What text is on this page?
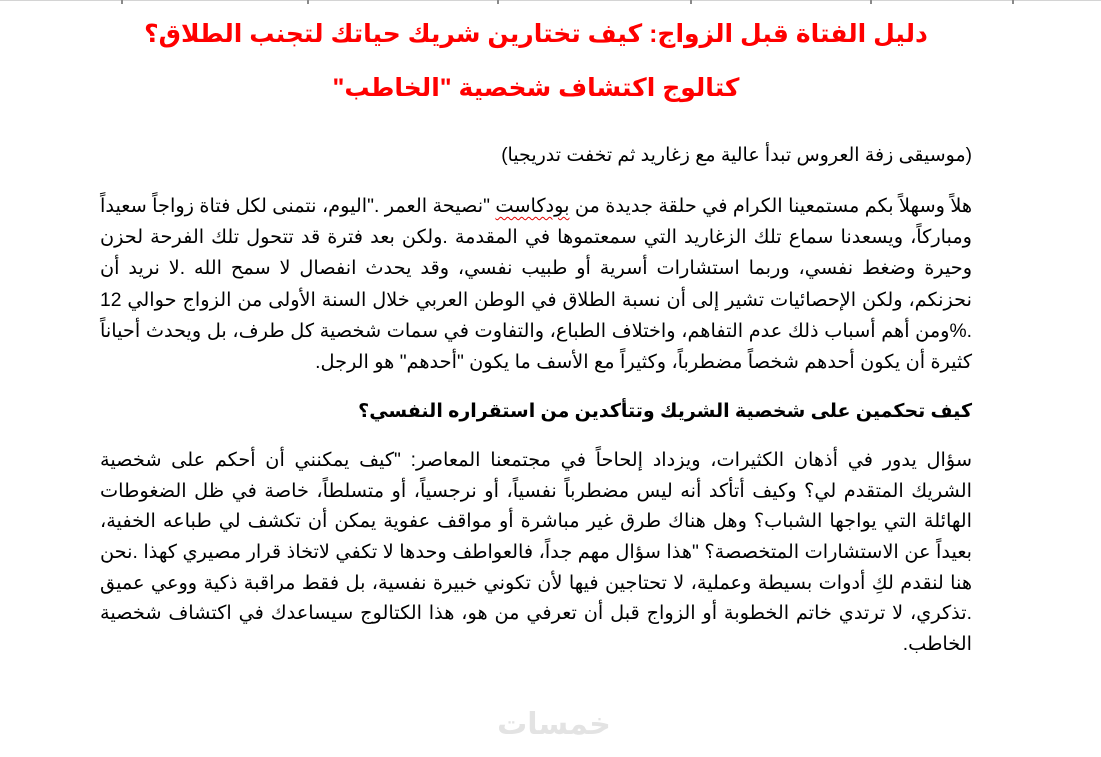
دليل الفتاة قبل الزواج: كيف تختارين شريك حياتك لتجنب الطلاق؟
كتالوج اكتشاف شخصية "الخاطب"

(موسيقى زفة العروس تبدأ عالية مع زغاريد ثم تخفت تدريجيا)

هلاً وسهلاً بكم مستمعينا الكرام في حلقة جديدة من بودكاست "نصيحة العمر ."اليوم، نتمنى لكل فتاة زواجاً سعيداً ومباركاً، ويسعدنا سماع تلك الزغاريد التي سمعتموها في المقدمة .ولكن بعد فترة قد تتحول تلك الفرحة لحزن وحيرة وضغط نفسي، وربما استشارات أسرية أو طبيب نفسي، وقد يحدث انفصال لا سمح الله .لا نريد أن نحزنكم، ولكن الإحصائيات تشير إلى أن نسبة الطلاق في الوطن العربي خلال السنة الأولى من الزواج حوالي 12 .%ومن أهم أسباب ذلك عدم التفاهم، واختلاف الطباع، والتفاوت في سمات شخصية كل طرف، بل ويحدث أحياناً كثيرة أن يكون أحدهم شخصاً مضطرباً، وكثيراً مع الأسف ما يكون "أحدهم" هو الرجل.

كيف تحكمين على شخصية الشريك وتتأكدين من استقراره النفسي؟

سؤال يدور في أذهان الكثيرات، ويزداد إلحاحاً في مجتمعنا المعاصر: "كيف يمكنني أن أحكم على شخصية الشريك المتقدم لي؟ وكيف أتأكد أنه ليس مضطرباً نفسياً، أو نرجسياً، أو متسلطاً، خاصة في ظل الضغوطات الهائلة التي يواجها الشباب؟ وهل هناك طرق غير مباشرة أو مواقف عفوية يمكن أن تكشف لي طباعه الخفية، بعيداً عن الاستشارات المتخصصة؟ "هذا سؤال مهم جداً، فالعواطف وحدها لا تكفي لاتخاذ قرار مصيري كهذا .نحن هنا لنقدم لكِ أدوات بسيطة وعملية، لا تحتاجين فيها لأن تكوني خبيرة نفسية، بل فقط مراقبة ذكية ووعي عميق .تذكري، لا ترتدي خاتم الخطوبة أو الزواج قبل أن تعرفي من هو، هذا الكتالوج سيساعدك في اكتشاف شخصية الخاطب.

خمسات
